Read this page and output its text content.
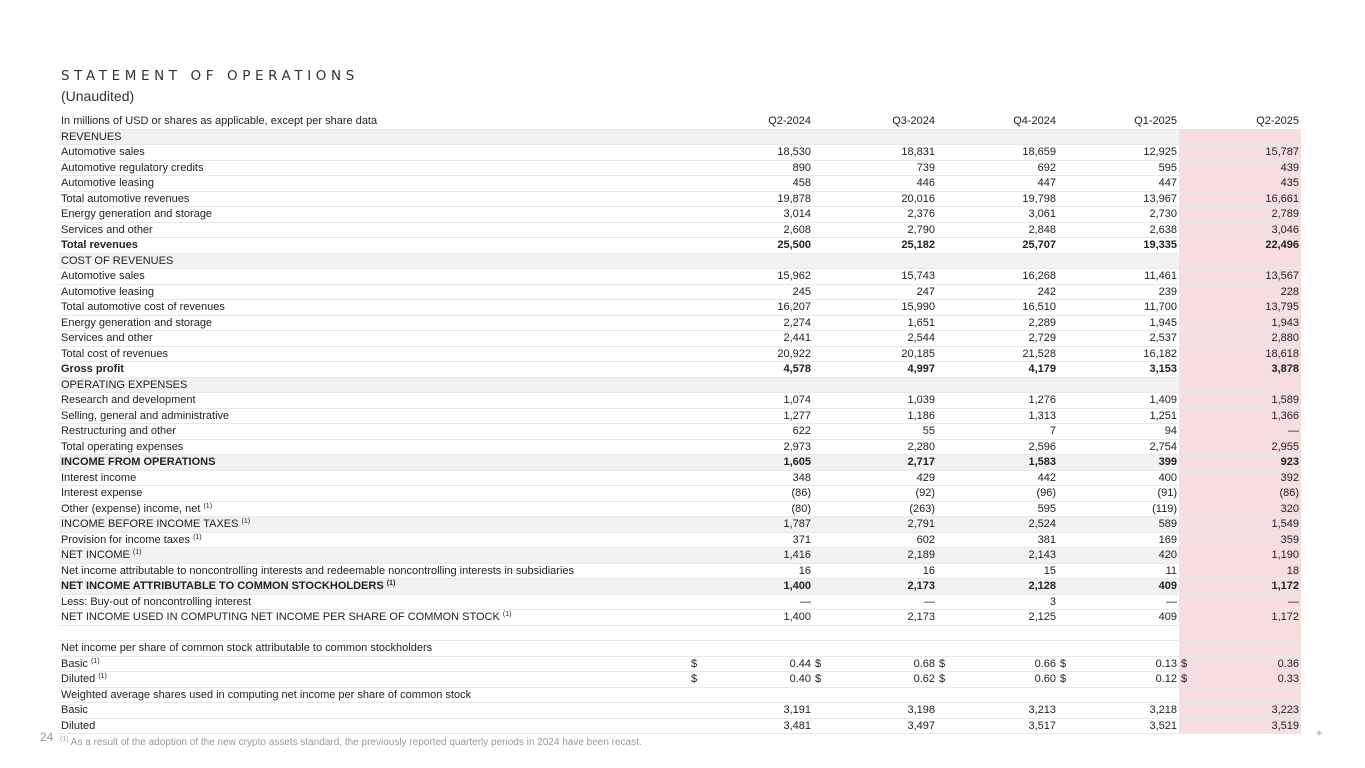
STATEMENT OF OPERATIONS
(Unaudited)
In millions of USD or shares as applicable, except per share data	Q2-2024	Q3-2024	Q4-2024	Q1-2025	Q2-2025
REVENUES					
Automotive sales	18,530	18,831	18,659	12,925	15,787
Automotive regulatory credits	890	739	692	595	439
Automotive leasing	458	446	447	447	435
Total automotive revenues	19,878	20,016	19,798	13,967	16,661
Energy generation and storage	3,014	2,376	3,061	2,730	2,789
Services and other	2,608	2,790	2,848	2,638	3,046
Total revenues	25,500	25,182	25,707	19,335	22,496
COST OF REVENUES					
Automotive sales	15,962	15,743	16,268	11,461	13,567
Automotive leasing	245	247	242	239	228
Total automotive cost of revenues	16,207	15,990	16,510	11,700	13,795
Energy generation and storage	2,274	1,651	2,289	1,945	1,943
Services and other	2,441	2,544	2,729	2,537	2,880
Total cost of revenues	20,922	20,185	21,528	16,182	18,618
Gross profit	4,578	4,997	4,179	3,153	3,878
OPERATING EXPENSES					
Research and development	1,074	1,039	1,276	1,409	1,589
Selling, general and administrative	1,277	1,186	1,313	1,251	1,366
Restructuring and other	622	55	7	94	—
Total operating expenses	2,973	2,280	2,596	2,754	2,955
INCOME FROM OPERATIONS	1,605	2,717	1,583	399	923
Interest income	348	429	442	400	392
Interest expense	(86)	(92)	(96)	(91)	(86)
Other (expense) income, net $^{(1)}$	(80)	(263)	595	(119)	320
INCOME BEFORE INCOME TAXES $^{(1)}$	1,787	2,791	2,524	589	1,549
Provision for income taxes $^{(1)}$	371	602	381	169	359
NET INCOME $^{(1)}$	1,416	2,189	2,143	420	1,190
Net income attributable to noncontrolling interests and redeemable noncontrolling interests in subsidiaries	16	16	15	11	18
NET INCOME ATTRIBUTABLE TO COMMON STOCKHOLDERS $^{(1)}$	1,400	2,173	2,128	409	1,172
Less: Buy-out of noncontrolling interest	—	—	3	—	—
NET INCOME USED IN COMPUTING NET INCOME PER SHARE OF COMMON STOCK $^{(1)}$	1,400	2,173	2,125	409	1,172

Net income per share of common stock attributable to common stockholders					
Basic $^{(1)}$	$ 0.44	$ 0.68	$ 0.66	$ 0.13	$ 0.36

Diluted $^{(1)}$	$ 0.40	$ 0.62	$ 0.60	$ 0.12	$ 0.33

Weighted average shares used in computing net income per share of common stock					
Basic	3,191	3,198	3,213	3,218	3,223
Diluted	3,481	3,497	3,517	3,521	3,519
24 $^{(1)}$ As a result of the adoption of the new crypto assets standard, the previously reported quarterly periods in 2024 have been recast.
◈
